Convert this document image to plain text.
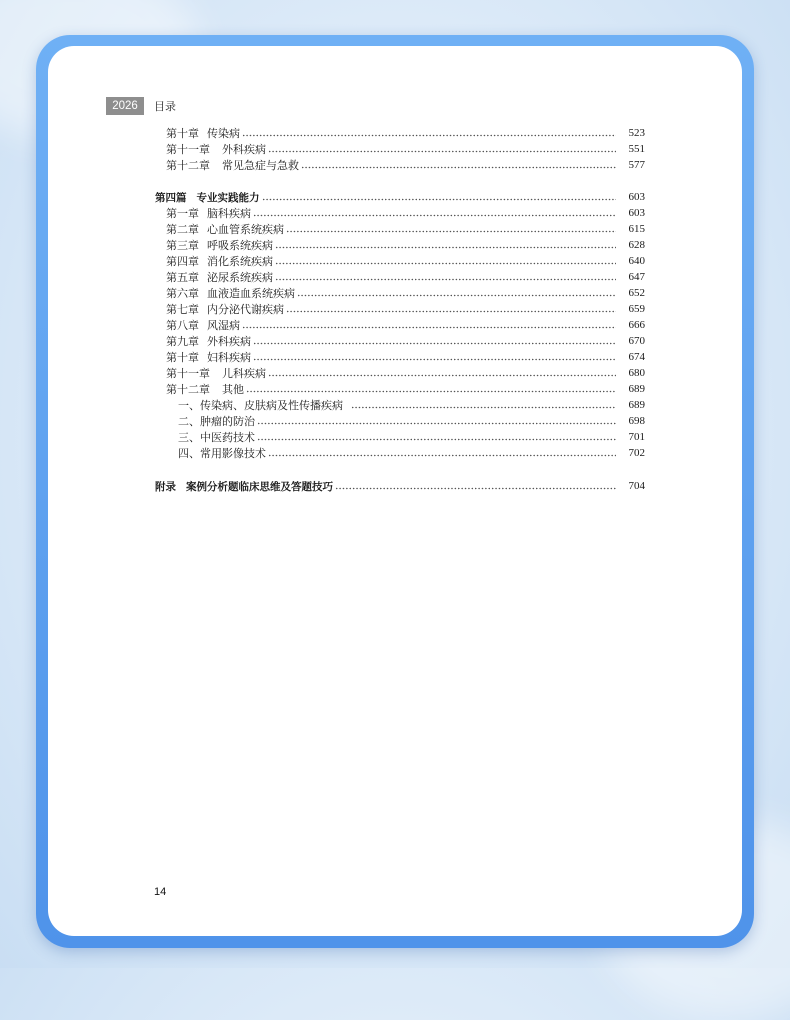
2026	目录
第十章 传染病	523
第十一章 外科疾病	551
第十二章 常见急症与急救	577
第四篇 专业实践能力	603
第一章 脑科疾病	603
第二章 心血管系统疾病	615
第三章 呼吸系统疾病	628
第四章 消化系统疾病	640
第五章 泌尿系统疾病	647
第六章 血液造血系统疾病	652
第七章 内分泌代谢疾病	659
第八章 风湿病	666
第九章 外科疾病	670
第十章 妇科疾病	674
第十一章 儿科疾病	680
第十二章 其他	689
一、传染病、皮肤病及性传播疾病	689
二、肿瘤的防治	698
三、中医药技术	701
四、常用影像技术	702
附录 案例分析题临床思维及答题技巧	704
14
